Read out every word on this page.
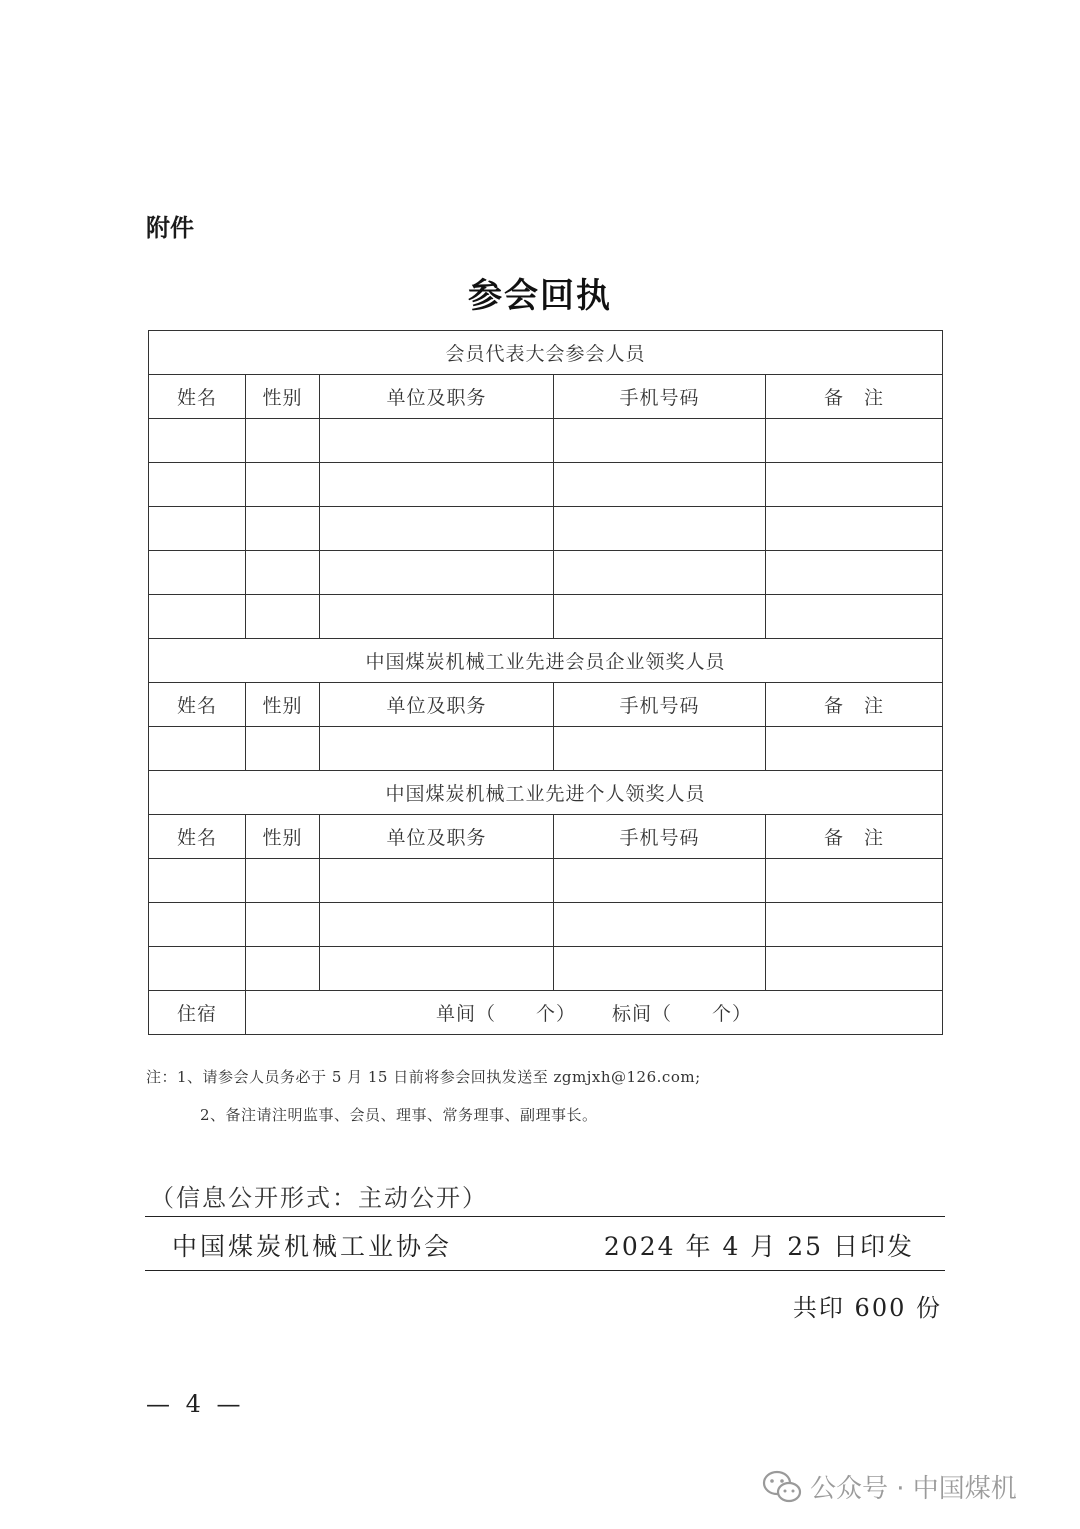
附件
参会回执
会员代表大会参会人员				
姓名	性别	单位及职务	手机号码	备　注

中国煤炭机械工业先进会员企业领奖人员				
姓名	性别	单位及职务	手机号码	备　注

中国煤炭机械工业先进个人领奖人员				
姓名	性别	单位及职务	手机号码	备　注

住宿	单间（　　个） 标间（　　个）			
注：1、请参会人员务必于 5 月 15 日前将参会回执发送至 zgmjxh@126.com;
2、备注请注明监事、会员、理事、常务理事、副理事长。
（信息公开形式：主动公开）
中国煤炭机械工业协会	2024 年 4 月 25 日印发
共印 600 份
— 4 —
公众号 · 中国煤机
